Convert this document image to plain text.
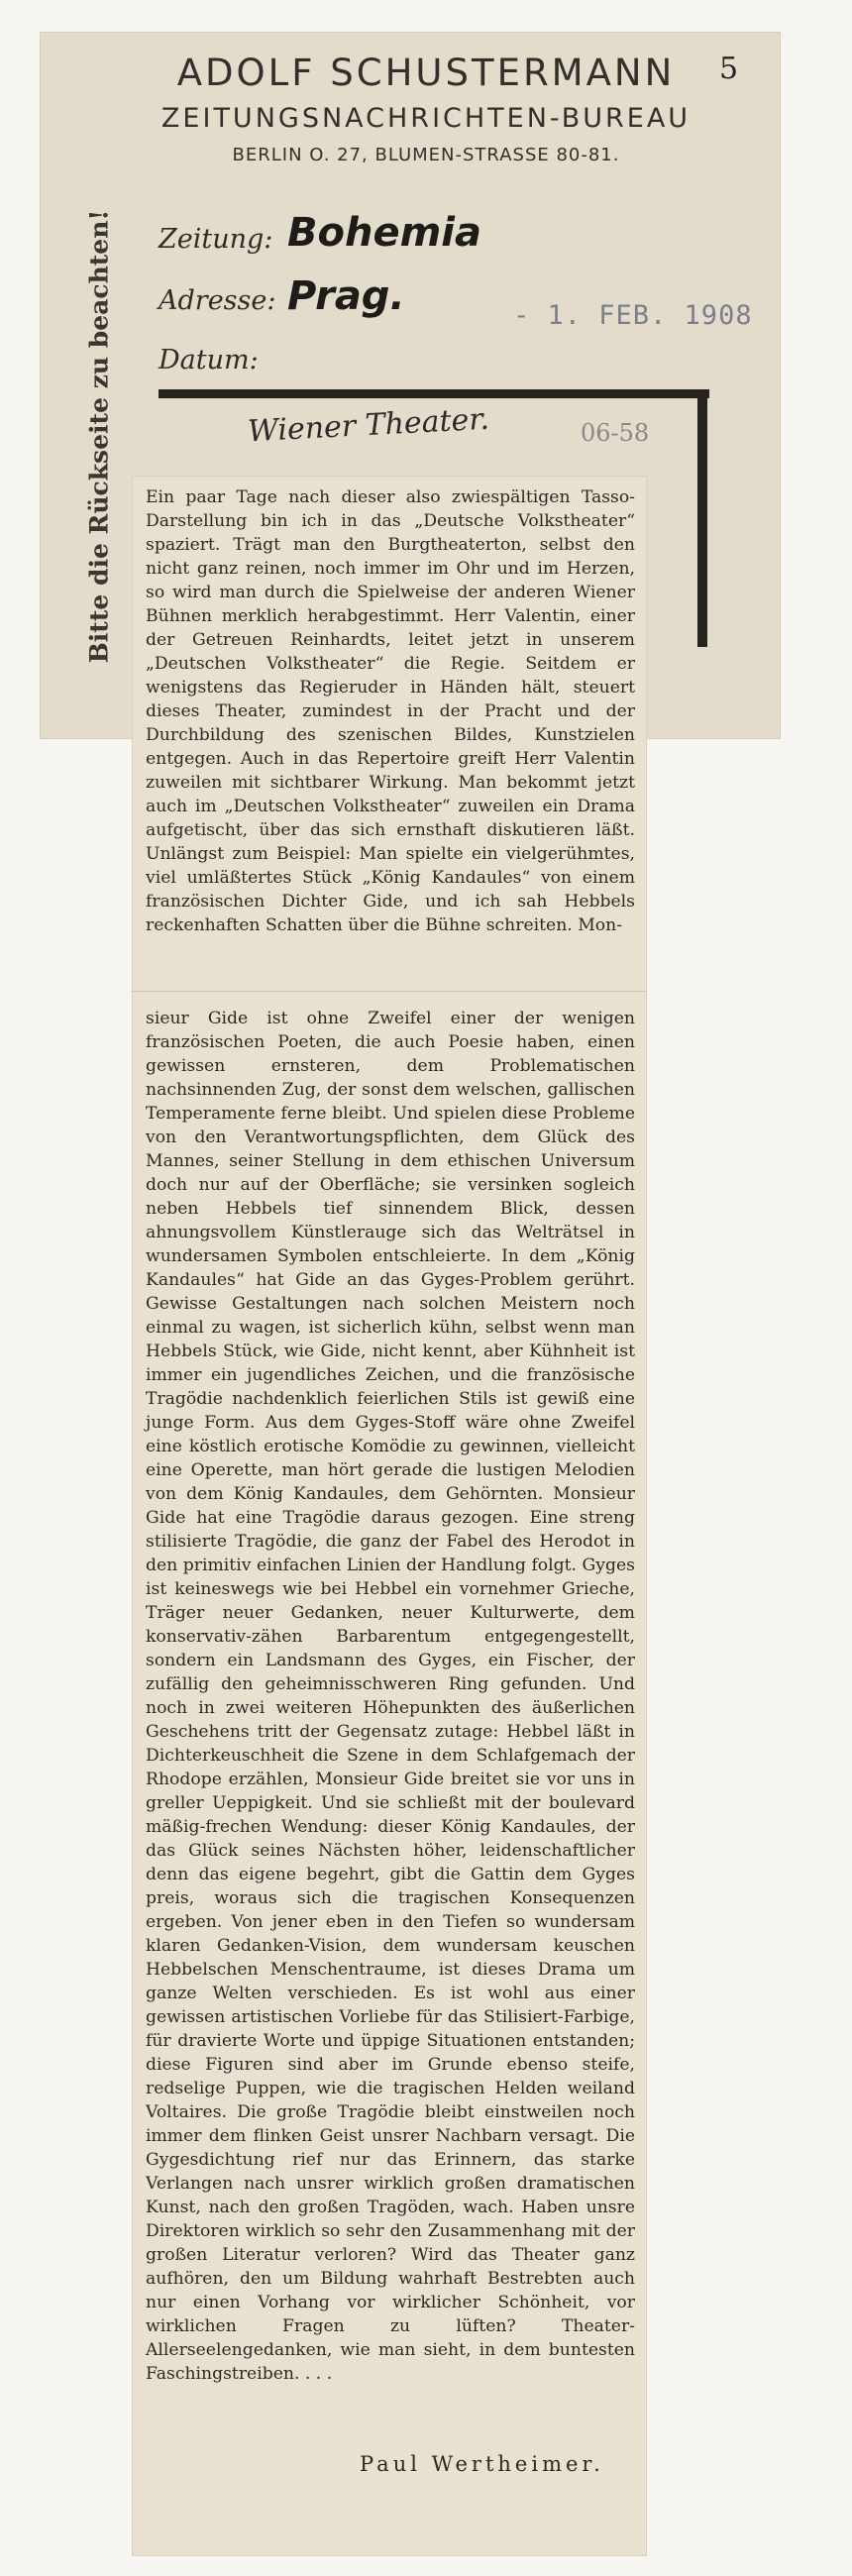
5
Bitte die Rückseite zu beachten!
ADOLF SCHUSTERMANN
ZEITUNGSNACHRICHTEN-BUREAU
BERLIN O. 27, BLUMEN-STRASSE 80-81.
Zeitung: Bohemia
Adresse: Prag.
Datum:
- 1. FEB. 1908
Ein paar Tage nach dieser also zwiespältigen Tasso-Darstellung bin ich in das „Deutsche Volkstheater“ spaziert. Trägt man den Burgtheaterton, selbst den nicht ganz reinen, noch immer im Ohr und im Herzen, so wird man durch die Spielweise der anderen Wiener Bühnen merklich herabgestimmt. Herr Valentin, einer der Getreuen Reinhardts, leitet jetzt in unserem „Deutschen Volkstheater“ die Regie. Seitdem er wenigstens das Regieruder in Händen hält, steuert dieses Theater, zumindest in der Pracht und der Durchbildung des szenischen Bildes, Kunstzielen entgegen. Auch in das Repertoire greift Herr Valentin zuweilen mit sichtbarer Wirkung. Man bekommt jetzt auch im „Deutschen Volkstheater“ zuweilen ein Drama aufgetischt, über das sich ernsthaft diskutieren läßt. Unlängst zum Beispiel: Man spielte ein vielgerühmtes, viel umläßtertes Stück „König Kandaules“ von einem französischen Dichter Gide, und ich sah Hebbels reckenhaften Schatten über die Bühne schreiten. Mon-
sieur Gide ist ohne Zweifel einer der wenigen französischen Poeten, die auch Poesie haben, einen gewissen ernsteren, dem Problematischen nachsinnenden Zug, der sonst dem welschen, gallischen Temperamente ferne bleibt. Und spielen diese Probleme von den Verantwortungspflichten, dem Glück des Mannes, seiner Stellung in dem ethischen Universum doch nur auf der Oberfläche; sie versinken sogleich neben Hebbels tief sinnendem Blick, dessen ahnungsvollem Künstlerauge sich das Welträtsel in wundersamen Symbolen entschleierte. In dem „König Kandaules“ hat Gide an das Gyges-Problem gerührt. Gewisse Gestaltungen nach solchen Meistern noch einmal zu wagen, ist sicherlich kühn, selbst wenn man Hebbels Stück, wie Gide, nicht kennt, aber Kühnheit ist immer ein jugendliches Zeichen, und die französische Tragödie nachdenklich feierlichen Stils ist gewiß eine junge Form. Aus dem Gyges-Stoff wäre ohne Zweifel eine köstlich erotische Komödie zu gewinnen, vielleicht eine Operette, man hört gerade die lustigen Melodien von dem König Kandaules, dem Gehörnten. Monsieur Gide hat eine Tragödie daraus gezogen. Eine streng stilisierte Tragödie, die ganz der Fabel des Herodot in den primitiv einfachen Linien der Handlung folgt. Gyges ist keineswegs wie bei Hebbel ein vornehmer Grieche, Träger neuer Gedanken, neuer Kulturwerte, dem konservativ-zähen Barbarentum entgegengestellt, sondern ein Landsmann des Gyges, ein Fischer, der zufällig den geheimnisschweren Ring gefunden. Und noch in zwei weiteren Höhepunkten des äußerlichen Geschehens tritt der Gegensatz zutage: Hebbel läßt in Dichterkeuschheit die Szene in dem Schlafgemach der Rhodope erzählen, Monsieur Gide breitet sie vor uns in greller Ueppigkeit. Und sie schließt mit der boulevard mäßig-frechen Wendung: dieser König Kandaules, der das Glück seines Nächsten höher, leidenschaftlicher denn das eigene begehrt, gibt die Gattin dem Gyges preis, woraus sich die tragischen Konsequenzen ergeben. Von jener eben in den Tiefen so wundersam klaren Gedanken-Vision, dem wundersam keuschen Hebbelschen Menschentraume, ist dieses Drama um ganze Welten verschieden. Es ist wohl aus einer gewissen artistischen Vorliebe für das Stilisiert-Farbige, für dravierte Worte und üppige Situationen entstanden; diese Figuren sind aber im Grunde ebenso steife, redselige Puppen, wie die tragischen Helden weiland Voltaires. Die große Tragödie bleibt einstweilen noch immer dem flinken Geist unsrer Nachbarn versagt. Die Gygesdichtung rief nur das Erinnern, das starke Verlangen nach unsrer wirklich großen dramatischen Kunst, nach den großen Tragöden, wach. Haben unsre Direktoren wirklich so sehr den Zusammenhang mit der großen Literatur verloren? Wird das Theater ganz aufhören, den um Bildung wahrhaft Bestrebten auch nur einen Vorhang vor wirklicher Schönheit, vor wirklichen Fragen zu lüften? Theater-Allerseelengedanken, wie man sieht, in dem buntesten Faschingstreiben. . . .
Paul Wertheimer.
Wiener Theater.	06-58
